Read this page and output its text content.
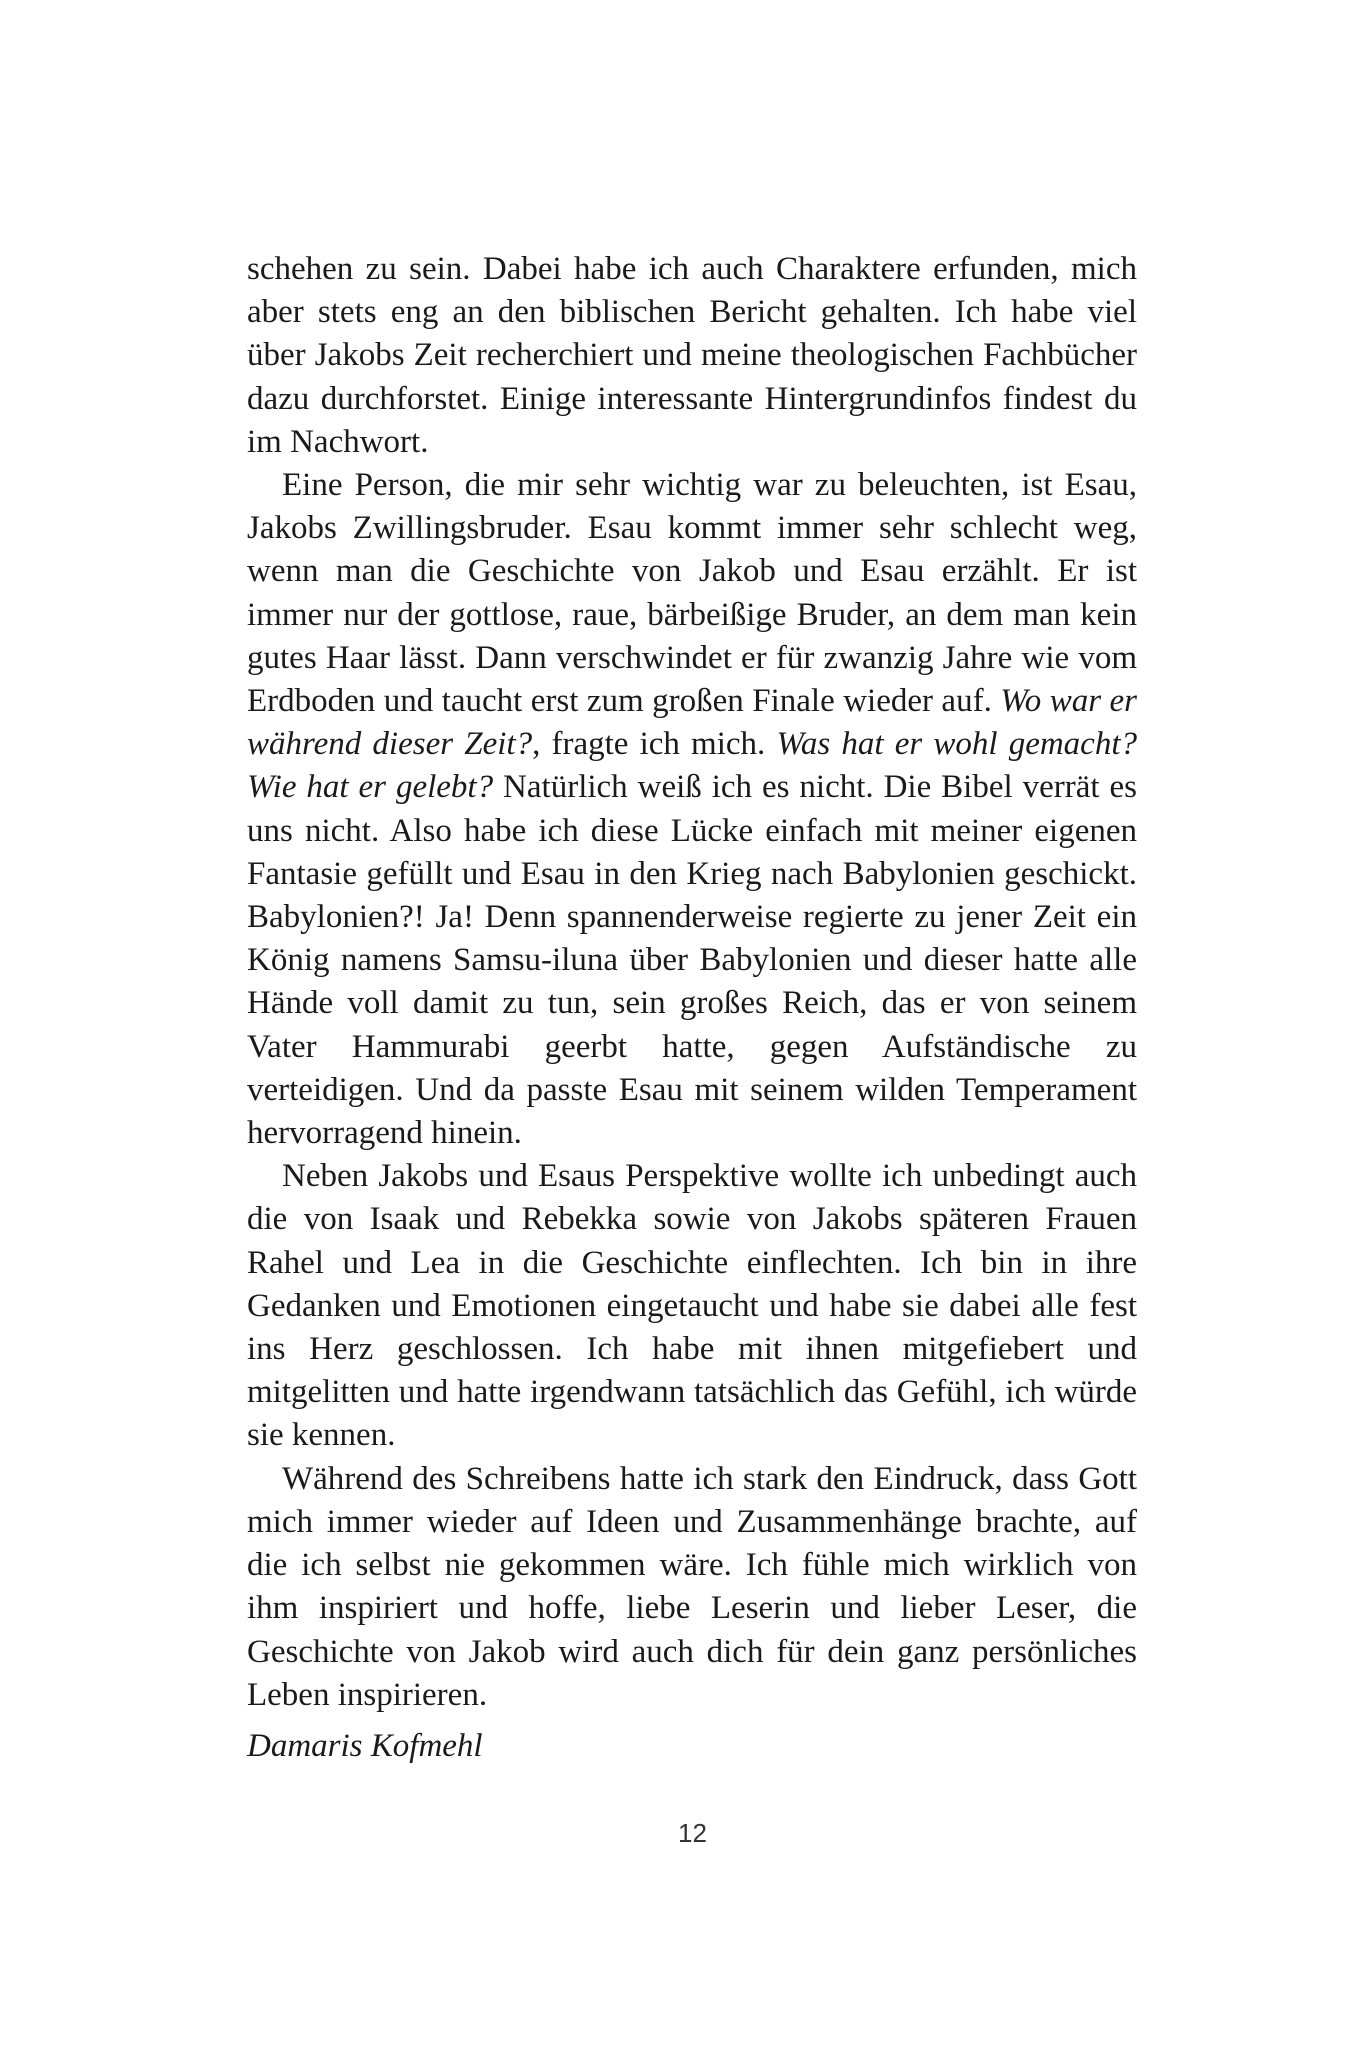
schehen zu sein. Dabei habe ich auch Charaktere erfunden, mich aber stets eng an den biblischen Bericht gehalten. Ich habe viel über Jakobs Zeit recherchiert und meine theologischen Fachbücher dazu durchforstet. Einige interessante Hintergrundinfos findest du im Nachwort.

Eine Person, die mir sehr wichtig war zu beleuchten, ist Esau, Jakobs Zwillingsbruder. Esau kommt immer sehr schlecht weg, wenn man die Geschichte von Jakob und Esau erzählt. Er ist immer nur der gottlose, raue, bärbeißige Bruder, an dem man kein gutes Haar lässt. Dann verschwindet er für zwanzig Jahre wie vom Erdboden und taucht erst zum großen Finale wieder auf. Wo war er während dieser Zeit?, fragte ich mich. Was hat er wohl gemacht? Wie hat er gelebt? Natürlich weiß ich es nicht. Die Bibel verrät es uns nicht. Also habe ich diese Lücke einfach mit meiner eigenen Fantasie gefüllt und Esau in den Krieg nach Babylonien geschickt. Babylonien?! Ja! Denn spannenderweise regierte zu jener Zeit ein König namens Samsu-iluna über Babylonien und dieser hatte alle Hände voll damit zu tun, sein großes Reich, das er von seinem Vater Hammurabi geerbt hatte, gegen Aufständische zu verteidigen. Und da passte Esau mit seinem wilden Temperament hervorragend hinein.

Neben Jakobs und Esaus Perspektive wollte ich unbedingt auch die von Isaak und Rebekka sowie von Jakobs späteren Frauen Rahel und Lea in die Geschichte einflechten. Ich bin in ihre Gedanken und Emotionen eingetaucht und habe sie dabei alle fest ins Herz geschlossen. Ich habe mit ihnen mitgefiebert und mitgelitten und hatte irgendwann tatsächlich das Gefühl, ich würde sie kennen.

Während des Schreibens hatte ich stark den Eindruck, dass Gott mich immer wieder auf Ideen und Zusammenhänge brachte, auf die ich selbst nie gekommen wäre. Ich fühle mich wirklich von ihm inspiriert und hoffe, liebe Leserin und lieber Leser, die Geschichte von Jakob wird auch dich für dein ganz persönliches Leben inspirieren.

Damaris Kofmehl
12
